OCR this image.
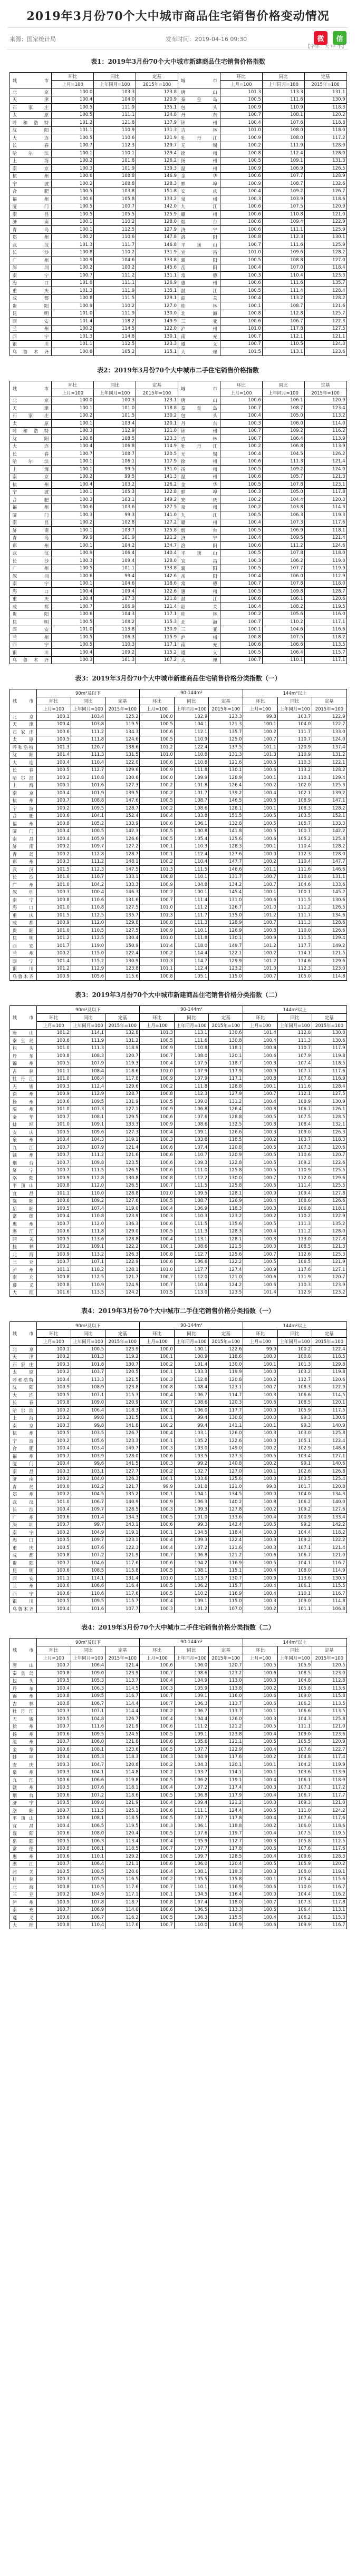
2019年3月份70个大中城市商品住宅销售价格变动情况
来源：国家统计局	发布时间：2019-04-16 09:30	微	信
【字体：大 中 小】
表1：2019年3月份70个大中城市新建商品住宅销售价格指数
城市	环比	同比	定基	城市	环比	同比	定基
	上月=100	上年同月=100	2015年=100		上月=100	上年同月=100	2015年=100
北　京	100.0	103.3	123.8	唐　山	101.3	113.3	131.1
天　津	100.4	104.0	120.9	秦皇岛	100.5	111.6	130.9
石家庄	100.5	111.9	135.1	包　头	100.9	110.9	118.3
太　原	100.5	111.1	124.8	丹　东	100.7	108.1	120.2
呼和浩特	101.2	121.8	137.9	锦　州	100.4	107.6	118.8
沈　阳	101.1	110.9	131.3	吉　林	101.0	108.0	118.0
大　连	100.5	110.6	121.9	牡丹江	100.9	108.0	117.2
长　春	100.7	112.3	129.7	无　锡	100.2	111.9	128.9
哈尔滨	100.1	110.1	129.4	徐　州	100.8	112.4	128.0
上　海	100.2	101.8	126.2	扬　州	100.5	109.1	131.3
南　京	100.3	101.9	139.3	温　州	100.9	106.9	126.5
杭　州	100.6	108.8	146.9	金　华	100.6	107.7	128.9
宁　波	100.2	108.8	128.3	蚌　埠	100.9	108.7	132.6
合　肥	100.5	103.8	151.8	安　庆	100.4	109.2	126.7
福　州	100.6	105.8	133.2	泉　州	100.3	103.9	118.6
厦　门	100.5	100.7	142.0	九　江	100.6	107.5	120.9
南　昌	100.5	105.5	125.9	赣　州	100.6	110.8	121.0
济　南	100.1	110.2	128.0	烟　台	100.6	109.4	122.9
青　岛	100.1	112.5	127.9	济　宁	100.6	111.1	125.9
郑　州	100.2	110.6	147.8	洛　阳	100.8	112.3	130.1
武　汉	101.3	111.7	146.8	平顶山	100.7	111.6	125.9
长　沙	100.8	110.2	131.9	宜　昌	101.0	109.6	128.2
广　州	100.9	104.6	133.8	襄　阳	100.5	108.8	127.0
深　圳	100.2	100.2	145.6	岳　阳	100.4	107.0	118.4
南　宁	100.7	111.2	131.1	常　德	100.3	110.4	123.3
海　口	101.0	111.1	126.9	惠　州	100.6	111.6	135.7
重　庆	101.3	111.9	135.1	湛　江	100.5	111.4	128.4
成　都	100.8	111.5	129.1	韶　关	100.4	113.2	128.2
贵　阳	100.9	110.2	127.0	桂　林	100.1	108.7	121.6
昆　明	101.0	111.9	130.0	北　海	100.8	112.8	125.7
西　安	101.4	118.2	149.9	三　亚	100.6	106.7	122.3
兰　州	100.2	114.5	122.0	泸　州	101.0	117.8	127.5
西　宁	101.3	114.8	130.1	南　充	100.7	112.1	121.1
银　川	101.1	112.5	123.3	遵　义	100.7	110.5	124.3
乌鲁木齐	100.8	105.2	115.1	大　理	101.5	113.1	123.6
表2：2019年3月份70个大中城市二手住宅销售价格指数
城市	环比	同比	定基	城市	环比	同比	定基
	上月=100	上年同月=100	2015年=100		上月=100	上年同月=100	2015年=100
北　京	100.0	100.3	123.1	唐　山	100.6	106.1	120.9
天　津	100.1	101.0	118.8	秦皇岛	100.7	108.7	123.4
石家庄	100.2	101.5	130.2	包　头	100.4	105.0	113.2
太　原	100.1	103.4	120.1	丹　东	100.3	106.0	114.0
呼和浩特	100.3	112.9	121.0	锦　州	100.7	109.2	116.2
沈　阳	100.8	108.5	123.3	吉　林	100.7	106.4	113.9
大　连	100.4	106.8	114.9	牡丹江	100.2	106.8	113.9
长　春	100.7	108.7	120.5	无　锡	100.4	104.5	126.2
哈尔滨	100.1	106.1	117.9	徐　州	100.6	111.3	121.4
上　海	100.1	99.5	131.0	扬　州	100.5	109.2	124.0
南　京	100.2	99.5	141.3	温　州	100.6	105.7	121.3
杭　州	100.4	103.2	126.2	金　华	100.5	107.8	123.1
宁　波	100.1	105.3	122.8	蚌　埠	100.3	105.0	117.8
合　肥	100.3	103.1	149.2	安　庆	100.2	104.4	120.3
福　州	100.6	103.6	127.5	泉　州	100.2	103.8	114.3
厦　门	100.3	99.3	141.0	九　江	100.5	106.3	119.3
南　昌	100.2	102.8	127.2	赣　州	100.4	107.3	117.6
济　南	100.1	103.7	125.8	烟　台	100.5	106.9	118.1
青　岛	99.9	101.9	121.2	济　宁	100.4	109.5	121.4
郑　州	100.1	104.2	134.7	洛　阳	100.6	111.2	124.6
武　汉	100.9	106.4	140.4	平顶山	100.5	107.8	118.0
长　沙	100.3	109.4	128.0	宜　昌	100.3	106.2	119.0
广　州	100.5	101.1	133.8	襄　阳	100.5	107.7	119.9
深　圳	100.6	99.4	142.6	岳　阳	100.4	106.0	112.9
南　宁	100.1	104.6	118.6	常　德	100.7	107.8	118.0
海　口	100.4	109.4	122.6	惠　州	100.5	109.8	128.7
重　庆	100.4	107.3	121.8	湛　江	100.6	106.1	120.6
成　都	100.7	106.9	121.4	韶　关	100.4	108.2	119.5
贵　阳	100.6	104.3	117.1	桂　林	100.2	105.6	116.0
昆　明	100.5	108.2	115.3	北　海	100.7	110.2	117.1
西　安	101.0	113.8	130.9	三　亚	100.1	104.6	116.6
兰　州	100.5	106.3	115.9	泸　州	100.8	107.5	118.2
西　宁	100.5	110.3	117.1	南　充	100.6	106.6	113.5
银　川	100.4	109.2	115.2	遵　义	100.5	106.4	115.7
乌鲁木齐	100.3	101.3	107.2	大　理	100.7	110.1	117.1
表3：2019年3月份70个大中城市新建商品住宅销售价格分类指数（一）
城市	90m²及以下			90-144m²			144m²以上		
	环比	同比	定基	环比	同比	定基	环比	同比	定基
	上月=100	上年同月=100	2015年=100	上月=100	上年同月=100	2015年=100	上月=100	上年同月=100	2015年=100
北　京	100.1	103.4	125.2	100.0	102.9	123.3	99.8	103.7	122.9
天　津	100.4	103.8	119.5	100.5	104.1	121.3	100.1	104.0	122.7
石家庄	100.6	111.2	134.3	100.6	112.1	135.7	100.2	111.7	133.0
太　原	100.5	111.8	124.6	100.5	110.9	125.0	100.7	110.7	124.0
呼和浩特	101.3	120.7	138.6	101.2	122.4	137.5	101.1	120.9	137.4
沈　阳	101.4	111.3	131.5	101.0	110.8	131.3	101.3	110.9	131.2
大　连	100.4	110.4	122.0	100.6	110.8	121.6	100.5	110.3	122.1
长　春	100.5	112.7	129.6	100.9	111.8	130.1	100.6	113.2	128.2
哈尔滨	100.2	110.8	130.6	100.0	109.9	128.9	100.1	110.1	129.4
上　海	100.1	101.6	127.3	100.2	101.8	126.4	100.2	102.0	125.3
南　京	100.4	101.9	139.5	100.2	101.7	139.2	100.4	102.1	139.2
杭　州	100.7	108.8	147.6	100.5	108.7	146.5	100.6	108.9	147.1
宁　波	100.2	109.5	128.7	100.2	108.6	128.1	100.1	108.3	128.2
合　肥	100.6	104.1	152.4	100.4	103.8	151.5	100.5	103.5	152.1
福　州	100.8	105.2	133.9	100.6	106.1	132.8	100.5	105.7	133.3
厦　门	100.4	100.5	142.3	100.5	100.8	141.8	100.5	100.7	142.2
南　昌	100.4	105.9	126.6	100.5	105.4	125.6	100.6	105.2	125.8
济　南	100.2	109.7	127.2	100.1	110.3	128.3	100.1	110.4	128.2
青　岛	100.2	112.8	128.7	100.1	112.4	127.6	100.0	112.3	128.0
郑　州	100.3	111.2	148.1	100.2	110.4	147.7	100.2	110.4	147.7
武　汉	101.5	112.3	147.5	101.3	111.5	146.6	101.1	111.6	146.6
长　沙	101.0	110.7	133.1	100.8	110.1	131.7	100.7	110.0	131.1
广　州	101.0	104.2	133.3	100.9	104.8	134.2	100.7	104.6	133.6
深　圳	100.3	100.4	146.3	100.2	100.1	145.4	100.1	100.1	145.2
南　宁	100.8	110.6	131.6	100.7	111.4	131.0	100.6	111.5	130.6
海　口	101.0	110.8	127.5	101.0	111.2	126.7	101.0	111.2	126.5
重　庆	101.5	112.5	135.7	101.3	111.7	135.0	101.2	111.7	134.6
成　都	100.9	112.0	129.8	100.8	111.3	128.9	100.7	111.3	128.6
贵　阳	101.0	110.5	127.5	100.9	110.1	126.9	100.8	110.0	126.6
昆　明	101.2	112.5	130.4	101.0	111.8	130.1	100.9	111.5	129.4
西　安	101.7	119.0	150.9	101.4	118.0	149.7	101.2	117.7	149.2
兰　州	100.2	115.0	122.4	100.2	114.4	122.1	100.2	114.1	121.5
西　宁	101.4	115.2	130.9	101.3	114.7	129.9	101.2	114.6	129.6
银　川	101.2	112.9	123.8	101.1	112.4	123.2	101.0	112.3	123.0
乌鲁木齐	100.9	105.6	115.6	100.8	105.1	115.0	100.7	105.0	114.8
表3：2019年3月份70个大中城市新建商品住宅销售价格分类指数（二）
城市	90m²及以下			90-144m²			144m²以上		
	环比	同比	定基	环比	同比	定基	环比	同比	定基
	上月=100	上年同月=100	2015年=100	上月=100	上年同月=100	2015年=100	上月=100	上年同月=100	2015年=100
唐　山	101.2	114.1	132.8	101.3	113.1	130.6	101.4	112.8	130.0
秦皇岛	100.6	111.9	131.2	100.5	111.6	130.8	100.4	111.3	130.6
包　头	101.0	111.3	118.9	100.9	110.8	118.1	100.8	110.7	117.9
丹　东	100.8	108.3	120.7	100.7	108.0	120.1	100.6	107.9	119.8
锦　州	100.5	107.9	119.3	100.4	107.5	118.7	100.3	107.4	118.5
吉　林	101.1	108.4	118.6	101.0	107.9	117.9	100.9	107.7	117.6
牡丹江	101.0	108.4	117.8	100.9	107.9	117.1	100.8	107.8	116.9
无　锡	100.3	112.4	129.6	100.2	111.8	128.8	100.1	111.6	128.4
徐　州	100.9	112.9	128.7	100.8	112.3	127.9	100.7	112.1	127.5
扬　州	100.6	109.5	131.9	100.5	109.0	131.2	100.4	108.9	130.9
温　州	101.0	107.3	127.1	100.9	106.8	126.4	100.8	106.7	126.1
金　华	100.7	108.1	129.5	100.6	107.6	128.8	100.5	107.5	128.5
蚌　埠	101.0	109.1	133.3	100.9	108.6	132.5	100.8	108.4	132.1
安　庆	100.5	109.6	127.3	100.4	109.1	126.6	100.3	109.0	126.3
泉　州	100.4	104.3	119.1	100.3	103.8	118.5	100.2	103.7	118.3
九　江	100.7	107.9	121.4	100.6	107.4	120.8	100.5	107.3	120.6
赣　州	100.7	111.2	121.6	100.6	110.7	120.9	100.5	110.6	120.7
烟　台	100.7	109.8	123.5	100.6	109.3	122.8	100.5	109.2	122.6
济　宁	100.7	111.5	126.5	100.6	111.0	125.8	100.5	110.9	125.5
洛　阳	100.9	112.8	130.8	100.8	112.2	130.0	100.7	112.0	129.6
平顶山	100.8	112.0	126.5	100.7	111.5	125.8	100.6	111.4	125.5
宜　昌	101.1	110.0	128.8	101.0	109.5	128.1	100.9	109.4	127.8
襄　阳	100.6	109.2	127.6	100.5	108.7	126.9	100.4	108.6	126.6
岳　阳	100.5	107.4	119.0	100.4	106.9	118.3	100.3	106.8	118.1
常　德	100.4	110.8	123.9	100.3	110.3	123.2	100.2	110.2	122.9
惠　州	100.7	112.0	136.3	100.6	111.5	135.6	100.5	111.3	135.2
湛　江	100.6	111.8	129.0	100.5	111.3	128.3	100.4	111.2	128.0
韶　关	100.5	113.6	128.8	100.4	113.1	128.1	100.3	113.0	127.8
桂　林	100.2	109.1	122.2	100.1	108.6	121.5	100.0	108.5	121.3
北　海	100.9	113.2	126.3	100.8	112.7	125.6	100.7	112.6	125.3
三　亚	100.7	107.1	122.9	100.6	106.6	122.2	100.5	106.5	121.9
泸　州	101.1	118.2	128.1	101.0	117.7	127.4	100.9	117.6	127.1
南　充	100.8	112.5	121.7	100.7	112.0	121.0	100.6	111.9	120.7
遵　义	100.8	110.9	124.9	100.7	110.4	124.2	100.6	110.3	123.9
大　理	101.6	113.5	124.2	101.5	113.0	123.5	101.4	112.9	123.2
表4：2019年3月份70个大中城市二手住宅销售价格分类指数（一）
城市	90m²及以下			90-144m²			144m²以上		
	环比	同比	定基	环比	同比	定基	环比	同比	定基
	上月=100	上年同月=100	2015年=100	上月=100	上年同月=100	2015年=100	上月=100	上年同月=100	2015年=100
北　京	100.1	100.5	123.9	100.0	100.1	122.6	99.9	100.2	122.4
天　津	100.2	101.3	119.2	100.1	100.9	118.6	100.0	100.8	118.5
石家庄	100.3	101.8	130.7	100.2	101.4	130.0	100.1	101.3	129.8
太　原	100.2	103.7	120.5	100.1	103.3	119.9	100.0	103.2	119.8
呼和浩特	100.4	113.3	121.5	100.3	112.8	120.8	100.2	112.7	120.6
沈　阳	100.9	108.9	123.8	100.8	108.4	123.1	100.7	108.3	122.9
大　连	100.5	107.1	115.3	100.4	106.7	114.7	100.3	106.6	114.5
长　春	100.8	109.0	120.9	100.7	108.6	120.3	100.6	108.5	120.1
哈尔滨	100.2	106.4	118.3	100.1	106.0	117.7	100.0	105.9	117.5
上　海	100.2	99.8	131.5	100.1	99.4	130.8	100.0	99.3	130.6
南　京	100.3	99.8	141.8	100.2	99.4	141.1	100.1	99.3	140.9
杭　州	100.5	103.5	126.7	100.4	103.1	126.0	100.3	103.0	125.8
宁　波	100.2	105.6	123.3	100.1	105.2	122.6	100.0	105.1	122.4
合　肥	100.4	103.4	149.7	100.3	103.0	149.0	100.2	102.9	148.8
福　州	100.7	103.9	128.0	100.6	103.5	127.3	100.5	103.4	127.1
厦　门	100.4	99.6	141.5	100.3	99.2	140.8	100.2	99.1	140.6
南　昌	100.3	103.1	127.7	100.2	102.7	127.0	100.1	102.6	126.8
济　南	100.2	104.0	126.3	100.1	103.6	125.6	100.0	103.5	125.4
青　岛	100.0	102.2	121.7	99.9	101.8	121.0	99.8	101.7	120.8
郑　州	100.2	104.5	135.2	100.1	104.1	134.5	100.0	104.0	134.3
武　汉	101.0	106.7	140.9	100.9	106.3	140.2	100.8	106.2	140.0
长　沙	100.4	109.7	128.5	100.3	109.3	127.8	100.2	109.2	127.6
广　州	100.6	101.4	134.3	100.5	101.0	133.6	100.4	100.9	133.4
深　圳	100.7	99.7	143.1	100.6	99.3	142.4	100.5	99.2	142.2
南　宁	100.2	104.9	119.1	100.1	104.5	118.4	100.0	104.4	118.2
海　口	100.5	109.7	123.1	100.4	109.3	122.4	100.3	109.2	122.2
重　庆	100.5	107.6	122.3	100.4	107.2	121.6	100.3	107.1	121.4
成　都	100.8	107.2	121.9	100.7	106.8	121.2	100.6	106.7	121.0
贵　阳	100.7	104.6	117.6	100.6	104.2	116.9	100.5	104.1	116.7
昆　明	100.6	108.5	115.8	100.5	108.1	115.1	100.4	108.0	114.9
西　安	101.1	114.1	131.4	101.0	113.7	130.7	100.9	113.6	130.5
兰　州	100.6	106.6	116.4	100.5	106.2	115.7	100.4	106.1	115.5
西　宁	100.6	110.6	117.6	100.5	110.2	116.9	100.4	110.1	116.7
银　川	100.5	109.5	115.7	100.4	109.1	115.0	100.3	109.0	114.8
乌鲁木齐	100.4	101.6	107.7	100.3	101.2	107.0	100.2	101.1	106.8
表4：2019年3月份70个大中城市二手住宅销售价格分类指数（二）
城市	90m²及以下			90-144m²			144m²以上		
	环比	同比	定基	环比	同比	定基	环比	同比	定基
	上月=100	上年同月=100	2015年=100	上月=100	上年同月=100	2015年=100	上月=100	上年同月=100	2015年=100
唐　山	100.7	106.4	121.4	100.6	106.0	120.7	100.5	105.9	120.5
秦皇岛	100.8	109.0	123.9	100.7	108.6	123.2	100.6	108.5	123.0
包　头	100.5	105.3	113.7	100.4	104.9	113.0	100.3	104.8	112.8
丹　东	100.4	106.3	114.5	100.3	105.9	113.8	100.2	105.8	113.6
锦　州	100.8	109.5	116.7	100.7	109.1	116.0	100.6	109.0	115.8
吉　林	100.8	106.7	114.4	100.7	106.3	113.7	100.6	106.2	113.5
牡丹江	100.3	107.1	114.4	100.2	106.7	113.7	100.1	106.6	113.5
无　锡	100.5	104.8	126.7	100.4	104.4	126.0	100.3	104.3	125.8
徐　州	100.7	111.6	121.9	100.6	111.2	121.2	100.5	111.1	121.0
扬　州	100.6	109.5	124.5	100.5	109.1	123.8	100.4	109.0	123.6
温　州	100.7	106.0	121.8	100.6	105.6	121.1	100.5	105.5	120.9
金　华	100.6	108.1	123.6	100.5	107.7	122.9	100.4	107.6	122.7
蚌　埠	100.4	105.3	118.3	100.3	104.9	117.6	100.2	104.8	117.4
安　庆	100.3	104.7	120.8	100.2	104.3	120.1	100.1	104.2	119.9
泉　州	100.3	104.1	114.8	100.2	103.7	114.1	100.1	103.6	113.9
九　江	100.6	106.6	119.8	100.5	106.2	119.1	100.4	106.1	118.9
赣　州	100.5	107.6	118.1	100.4	107.2	117.4	100.3	107.1	117.2
烟　台	100.6	107.2	118.6	100.5	106.8	117.9	100.4	106.7	117.7
济　宁	100.5	109.8	121.9	100.4	109.4	121.2	100.3	109.3	121.0
洛　阳	100.7	111.5	125.1	100.6	111.1	124.4	100.5	111.0	124.2
平顶山	100.6	108.1	118.5	100.5	107.7	117.8	100.4	107.6	117.6
宜　昌	100.4	106.5	119.5	100.3	106.1	118.8	100.2	106.0	118.6
襄　阳	100.6	108.0	120.4	100.5	107.6	119.7	100.4	107.5	119.5
岳　阳	100.5	106.3	113.4	100.4	105.9	112.7	100.3	105.8	112.5
常　德	100.8	108.1	118.5	100.7	107.7	117.8	100.6	107.6	117.6
惠　州	100.6	110.1	129.2	100.5	109.7	128.5	100.4	109.6	128.3
湛　江	100.7	106.4	121.1	100.6	106.0	120.4	100.5	105.9	120.2
韶　关	100.5	108.5	120.0	100.4	108.1	119.3	100.3	108.0	119.1
桂　林	100.3	105.9	116.5	100.2	105.5	115.8	100.1	105.4	115.6
北　海	100.8	110.5	117.6	100.7	110.1	116.9	100.6	110.0	116.7
三　亚	100.2	104.9	117.1	100.1	104.5	116.4	100.0	104.4	116.2
泸　州	100.9	107.8	118.7	100.8	107.4	118.0	100.7	107.3	117.8
南　充	100.7	106.9	114.0	100.6	106.5	113.3	100.5	106.4	113.1
遵　义	100.6	106.7	116.2	100.5	106.3	115.5	100.4	106.2	115.3
大　理	100.8	110.4	117.6	100.7	110.0	116.9	100.6	109.9	116.7
